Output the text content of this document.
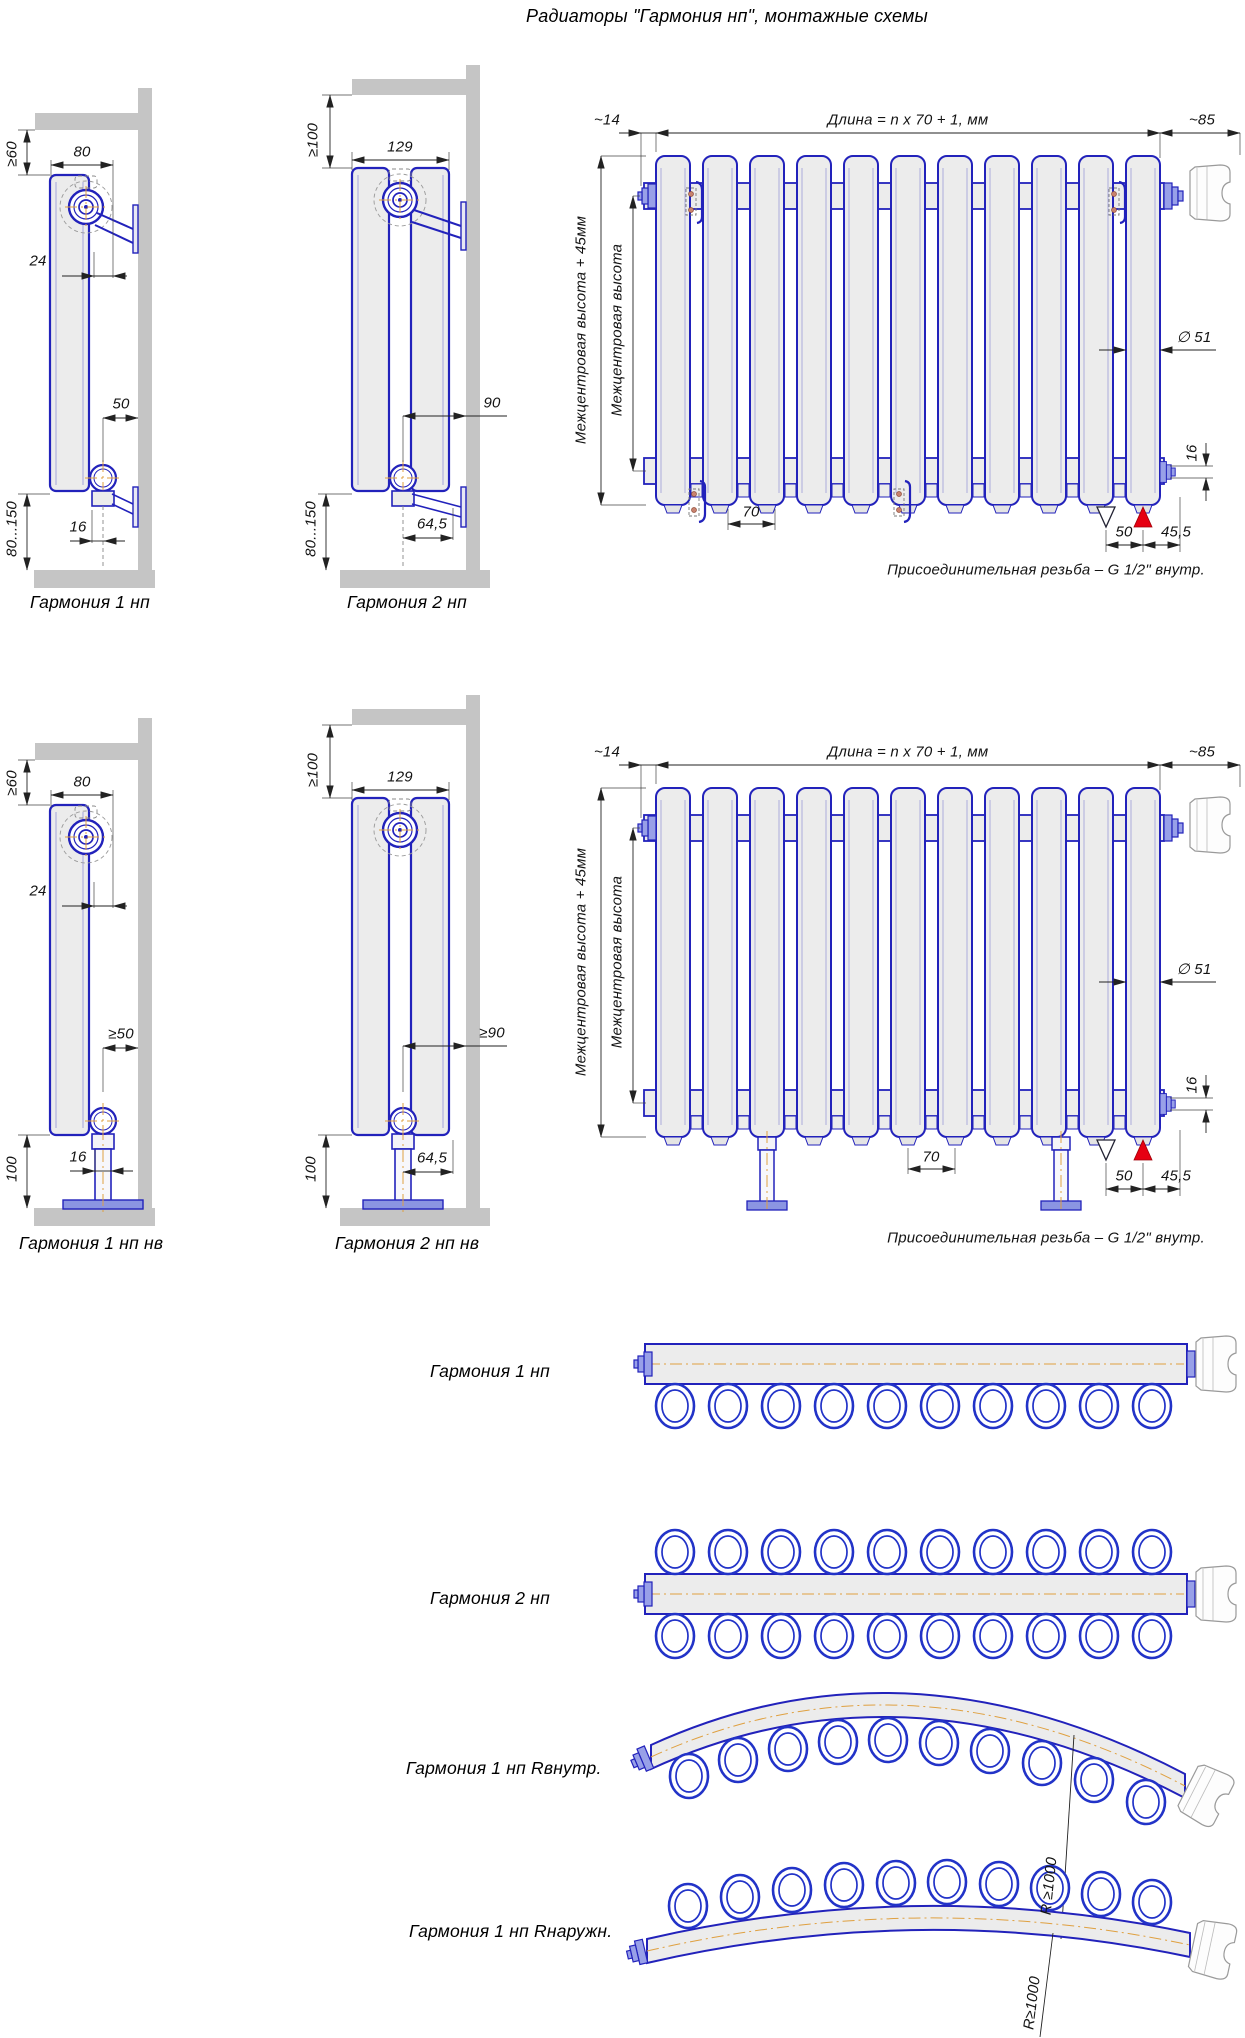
Радиаторы "Гармония нп", монтажные схемы
≥60	80
24
50
16
80...150
Гармония 1 нп
≥100	129
90
64,5
80...150
Гармония 2 нп
~14	Длина = n x 70 + 1, мм	~85
Межцентровая высота + 45мм Межцентровая высота	∅ 51
16
70
50 45,5
Присоединительная резьба – G 1/2" внутр.
≥60	80
24
≥50
16
100
Гармония 1 нп нв
≥100	129
≥90
64,5
100
Гармония 2 нп нв
~14	Длина = n x 70 + 1, мм	~85
Межцентровая высота + 45мм Межцентровая высота	∅ 51
16
70
50 45,5
Присоединительная резьба – G 1/2" внутр.
Гармония 1 нп
Гармония 2 нп
Гармония 1 нп Rвнутр.
R ≥1000
Гармония 1 нп Rнаружн.
R≥1000
